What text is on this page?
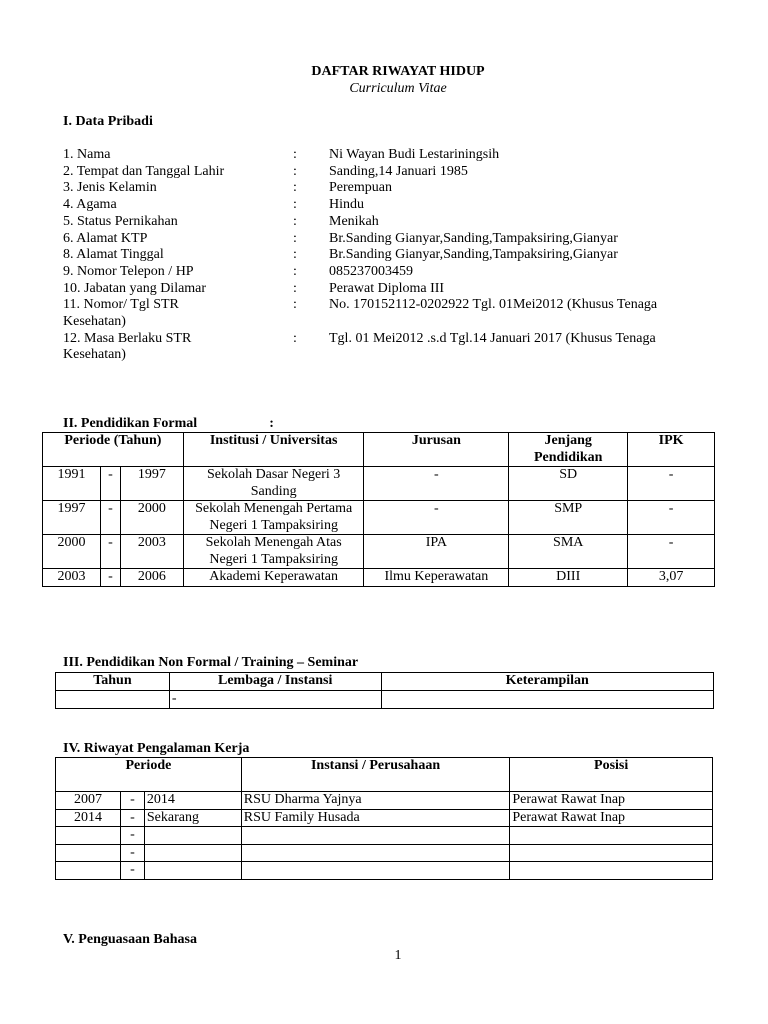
DAFTAR RIWAYAT HIDUP
Curriculum Vitae
I. Data Pribadi
1. Nama	:	Ni Wayan Budi Lestariningsih
2. Tempat dan Tanggal Lahir	:	Sanding,14 Januari 1985
3. Jenis Kelamin	:	Perempuan
4. Agama	:	Hindu
5. Status Pernikahan	:	Menikah
6. Alamat KTP	:	Br.Sanding Gianyar,Sanding,Tampaksiring,Gianyar
8. Alamat Tinggal	:	Br.Sanding Gianyar,Sanding,Tampaksiring,Gianyar
9. Nomor Telepon / HP	:	085237003459
10. Jabatan yang Dilamar	:	Perawat Diploma III
11. Nomor/ Tgl STR	:	No. 170152112-0202922 Tgl. 01Mei2012 (Khusus Tenaga
Kesehatan)
12. Masa Berlaku STR	:	Tgl. 01 Mei2012 .s.d Tgl.14 Januari 2017 (Khusus Tenaga
Kesehatan)
II. Pendidikan Formal	:
Periode (Tahun)			Institusi / Universitas	Jurusan	Jenjang Pendidikan	IPK
1991	-	1997	Sekolah Dasar Negeri 3 Sanding	-	SD	-
1997	-	2000	Sekolah Menengah Pertama Negeri 1 Tampaksiring	-	SMP	-
2000	-	2003	Sekolah Menengah Atas Negeri 1 Tampaksiring	IPA	SMA	-
2003	-	2006	Akademi Keperawatan	Ilmu Keperawatan	DIII	3,07
III. Pendidikan Non Formal / Training – Seminar
Tahun	Lembaga / Instansi	Keterampilan
	-	
IV. Riwayat Pengalaman Kerja
Periode			Instansi / Perusahaan	Posisi
2007	-	2014	RSU Dharma Yajnya	Perawat Rawat Inap
2014	-	Sekarang	RSU Family Husada	Perawat Rawat Inap
	-			
	-			
	-			
V. Penguasaan Bahasa
1
